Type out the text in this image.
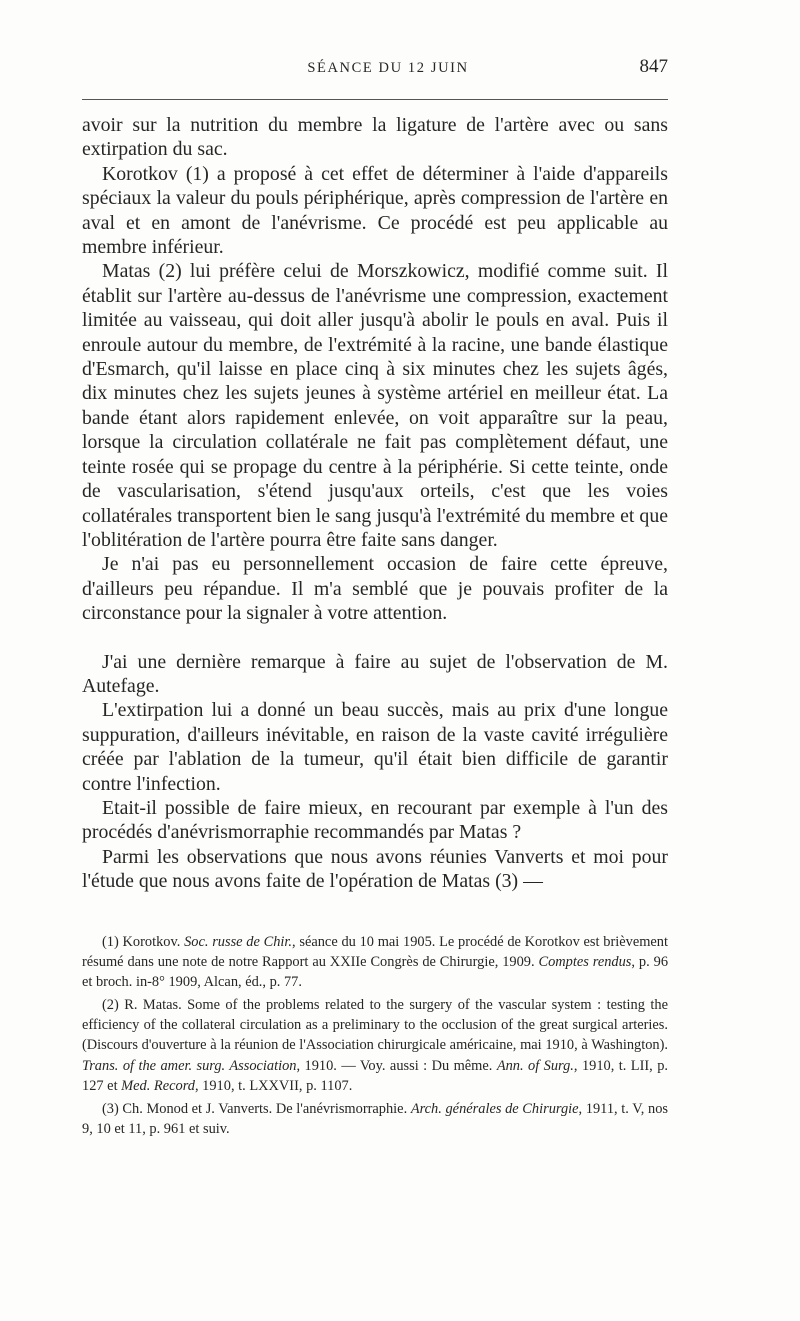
SÉANCE DU 12 JUIN	847

avoir sur la nutrition du membre la ligature de l'artère avec ou sans extirpation du sac.

Korotkov (1) a proposé à cet effet de déterminer à l'aide d'appareils spéciaux la valeur du pouls périphérique, après compression de l'artère en aval et en amont de l'anévrisme. Ce procédé est peu applicable au membre inférieur.

Matas (2) lui préfère celui de Morszkowicz, modifié comme suit. Il établit sur l'artère au-dessus de l'anévrisme une compression, exactement limitée au vaisseau, qui doit aller jusqu'à abolir le pouls en aval. Puis il enroule autour du membre, de l'extrémité à la racine, une bande élastique d'Esmarch, qu'il laisse en place cinq à six minutes chez les sujets âgés, dix minutes chez les sujets jeunes à système artériel en meilleur état. La bande étant alors rapidement enlevée, on voit apparaître sur la peau, lorsque la circulation collatérale ne fait pas complètement défaut, une teinte rosée qui se propage du centre à la périphérie. Si cette teinte, onde de vascularisation, s'étend jusqu'aux orteils, c'est que les voies collatérales transportent bien le sang jusqu'à l'extrémité du membre et que l'oblitération de l'artère pourra être faite sans danger.

Je n'ai pas eu personnellement occasion de faire cette épreuve, d'ailleurs peu répandue. Il m'a semblé que je pouvais profiter de la circonstance pour la signaler à votre attention.

J'ai une dernière remarque à faire au sujet de l'observation de M. Autefage.

L'extirpation lui a donné un beau succès, mais au prix d'une longue suppuration, d'ailleurs inévitable, en raison de la vaste cavité irrégulière créée par l'ablation de la tumeur, qu'il était bien difficile de garantir contre l'infection.

Etait-il possible de faire mieux, en recourant par exemple à l'un des procédés d'anévrismorraphie recommandés par Matas ?

Parmi les observations que nous avons réunies Vanverts et moi pour l'étude que nous avons faite de l'opération de Matas (3) —

(1) Korotkov. Soc. russe de Chir., séance du 10 mai 1905. Le procédé de Korotkov est brièvement résumé dans une note de notre Rapport au XXIIe Congrès de Chirurgie, 1909. Comptes rendus, p. 96 et broch. in-8° 1909, Alcan, éd., p. 77.

(2) R. Matas. Some of the problems related to the surgery of the vascular system : testing the efficiency of the collateral circulation as a preliminary to the occlusion of the great surgical arteries. (Discours d'ouverture à la réunion de l'Association chirurgicale américaine, mai 1910, à Washington). Trans. of the amer. surg. Association, 1910. — Voy. aussi : Du même. Ann. of Surg., 1910, t. LII, p. 127 et Med. Record, 1910, t. LXXVII, p. 1107.

(3) Ch. Monod et J. Vanverts. De l'anévrismorraphie. Arch. générales de Chirurgie, 1911, t. V, nos 9, 10 et 11, p. 961 et suiv.
